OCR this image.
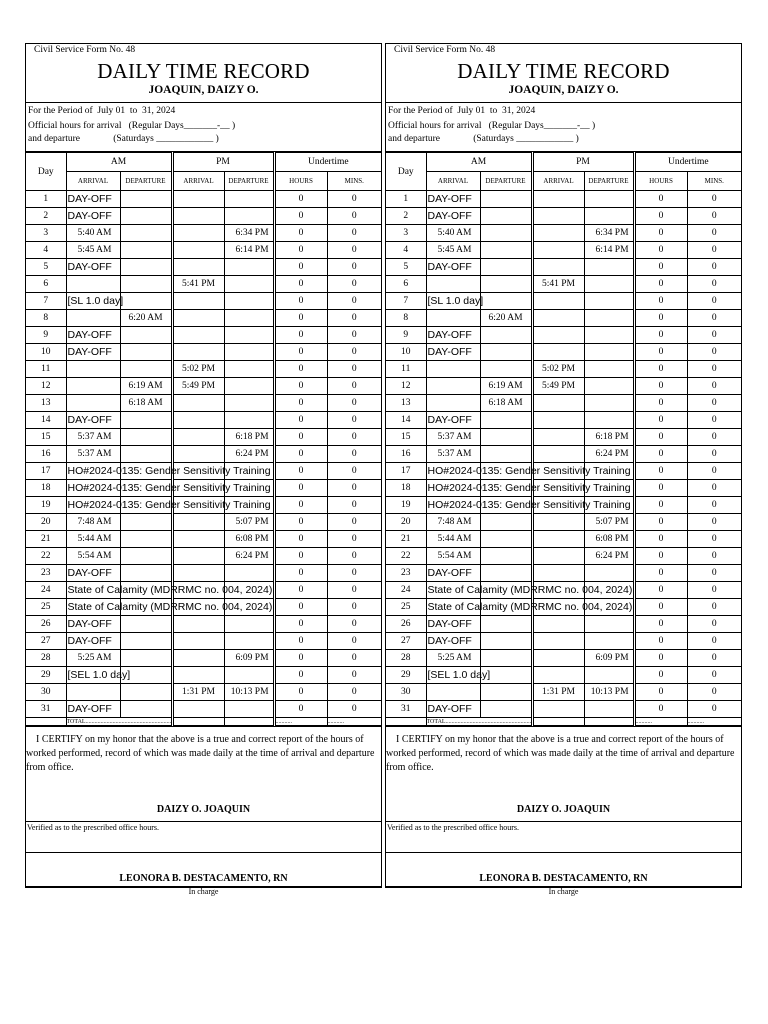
Civil Service Form No. 48
DAILY TIME RECORD
JOAQUIN, DAIZY O.
For the Period of  July 01  to  31, 2024
Official hours for arrival   (Regular Days_______-__ )
and departure              (Saturdays ____________ )
Day	AM		PM		Undertime	
	ARRIVAL	DEPARTURE	ARRIVAL	DEPARTURE	HOURS	MINS.
1	DAY-OFF				0	0
2	DAY-OFF				0	0
3	5:40 AM			6:34 PM	0	0
4	5:45 AM			6:14 PM	0	0
5	DAY-OFF				0	0
6			5:41 PM		0	0
7	[SL 1.0 day]				0	0
8		6:20 AM			0	0
9	DAY-OFF				0	0
10	DAY-OFF				0	0
11			5:02 PM		0	0
12		6:19 AM	5:49 PM		0	0
13		6:18 AM			0	0
14	DAY-OFF				0	0
15	5:37 AM			6:18 PM	0	0
16	5:37 AM			6:24 PM	0	0
17	HO#2024-0135: Gender Sensitivity Training				0	0
18	HO#2024-0135: Gender Sensitivity Training				0	0
19	HO#2024-0135: Gender Sensitivity Training				0	0
20	7:48 AM			5:07 PM	0	0
21	5:44 AM			6:08 PM	0	0
22	5:54 AM			6:24 PM	0	0
23	DAY-OFF				0	0
24	State of Calamity (MDRRMC no. 004, 2024)				0	0
25	State of Calamity (MDRRMC no. 004, 2024)				0	0
26	DAY-OFF				0	0
27	DAY-OFF				0	0
28	5:25 AM			6:09 PM	0	0
29	[SEL 1.0 day]				0	0
30			1:31 PM	10:13 PM	0	0
31	DAY-OFF				0	0
	TOTAL.........................................................				...........	...........
I CERTIFY on my honor that the above is a true and correct report of the hours of worked performed, record of which was made daily at the time of arrival and departure from office.
DAIZY O. JOAQUIN
Verified as to the prescribed office hours.
LEONORA B. DESTACAMENTO, RN
In charge
Civil Service Form No. 48
DAILY TIME RECORD
JOAQUIN, DAIZY O.
For the Period of  July 01  to  31, 2024
Official hours for arrival   (Regular Days_______-__ )
and departure              (Saturdays ____________ )
Day	AM		PM		Undertime	
	ARRIVAL	DEPARTURE	ARRIVAL	DEPARTURE	HOURS	MINS.
1	DAY-OFF				0	0
2	DAY-OFF				0	0
3	5:40 AM			6:34 PM	0	0
4	5:45 AM			6:14 PM	0	0
5	DAY-OFF				0	0
6			5:41 PM		0	0
7	[SL 1.0 day]				0	0
8		6:20 AM			0	0
9	DAY-OFF				0	0
10	DAY-OFF				0	0
11			5:02 PM		0	0
12		6:19 AM	5:49 PM		0	0
13		6:18 AM			0	0
14	DAY-OFF				0	0
15	5:37 AM			6:18 PM	0	0
16	5:37 AM			6:24 PM	0	0
17	HO#2024-0135: Gender Sensitivity Training				0	0
18	HO#2024-0135: Gender Sensitivity Training				0	0
19	HO#2024-0135: Gender Sensitivity Training				0	0
20	7:48 AM			5:07 PM	0	0
21	5:44 AM			6:08 PM	0	0
22	5:54 AM			6:24 PM	0	0
23	DAY-OFF				0	0
24	State of Calamity (MDRRMC no. 004, 2024)				0	0
25	State of Calamity (MDRRMC no. 004, 2024)				0	0
26	DAY-OFF				0	0
27	DAY-OFF				0	0
28	5:25 AM			6:09 PM	0	0
29	[SEL 1.0 day]				0	0
30			1:31 PM	10:13 PM	0	0
31	DAY-OFF				0	0
	TOTAL.........................................................				...........	...........
I CERTIFY on my honor that the above is a true and correct report of the hours of worked performed, record of which was made daily at the time of arrival and departure from office.
DAIZY O. JOAQUIN
Verified as to the prescribed office hours.
LEONORA B. DESTACAMENTO, RN
In charge
